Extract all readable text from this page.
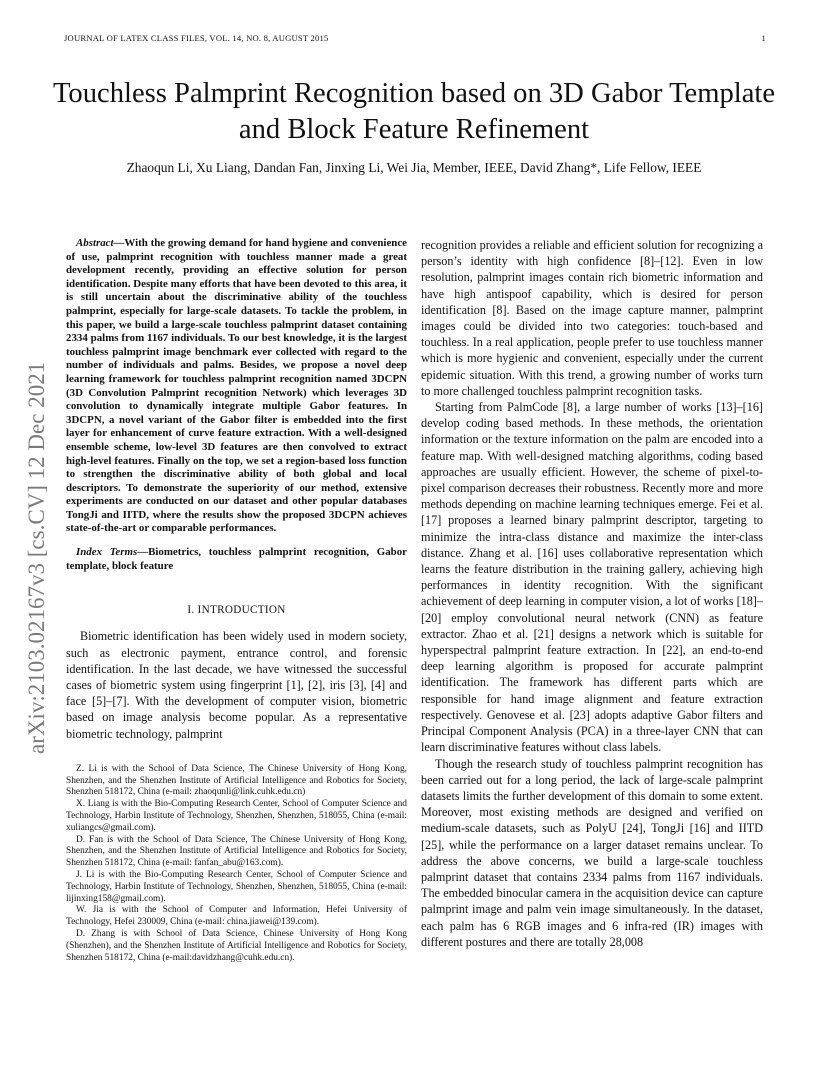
JOURNAL OF LATEX CLASS FILES, VOL. 14, NO. 8, AUGUST 2015	1
Touchless Palmprint Recognition based on 3D Gabor Template and Block Feature Refinement
Zhaoqun Li, Xu Liang, Dandan Fan, Jinxing Li, Wei Jia, Member, IEEE, David Zhang*, Life Fellow, IEEE
arXiv:2103.02167v3 [cs.CV] 12 Dec 2021

Abstract—With the growing demand for hand hygiene and convenience of use, palmprint recognition with touchless manner made a great development recently, providing an effective solution for person identification. Despite many efforts that have been devoted to this area, it is still uncertain about the discriminative ability of the touchless palmprint, especially for large-scale datasets. To tackle the problem, in this paper, we build a large-scale touchless palmprint dataset containing 2334 palms from 1167 individuals. To our best knowledge, it is the largest touchless palmprint image benchmark ever collected with regard to the number of individuals and palms. Besides, we propose a novel deep learning framework for touchless palmprint recognition named 3DCPN (3D Convolution Palmprint recognition Network) which leverages 3D convolution to dynamically integrate multiple Gabor features. In 3DCPN, a novel variant of the Gabor filter is embedded into the first layer for enhancement of curve feature extraction. With a well-designed ensemble scheme, low-level 3D features are then convolved to extract high-level features. Finally on the top, we set a region-based loss function to strengthen the discriminative ability of both global and local descriptors. To demonstrate the superiority of our method, extensive experiments are conducted on our dataset and other popular databases TongJi and IITD, where the results show the proposed 3DCPN achieves state-of-the-art or comparable performances.

Index Terms—Biometrics, touchless palmprint recognition, Gabor template, block feature

I. INTRODUCTION

Biometric identification has been widely used in modern society, such as electronic payment, entrance control, and forensic identification. In the last decade, we have witnessed the successful cases of biometric system using fingerprint [1], [2], iris [3], [4] and face [5]–[7]. With the development of computer vision, biometric based on image analysis become popular. As a representative biometric technology, palmprint

Z. Li is with the School of Data Science, The Chinese University of Hong Kong, Shenzhen, and the Shenzhen Institute of Artificial Intelligence and Robotics for Society, Shenzhen 518172, China (e-mail: zhaoqunli@link.cuhk.edu.cn)

X. Liang is with the Bio-Computing Research Center, School of Computer Science and Technology, Harbin Institute of Technology, Shenzhen, Shenzhen, 518055, China (e-mail: xuliangcs@gmail.com).

D. Fan is with the School of Data Science, The Chinese University of Hong Kong, Shenzhen, and the Shenzhen Institute of Artificial Intelligence and Robotics for Society, Shenzhen 518172, China (e-mail: fanfan_abu@163.com).

J. Li is with the Bio-Computing Research Center, School of Computer Science and Technology, Harbin Institute of Technology, Shenzhen, Shenzhen, 518055, China (e-mail: lijinxing158@gmail.com).

W. Jia is with the School of Computer and Information, Hefei University of Technology, Hefei 230009, China (e-mail: china.jiawei@139.com).

D. Zhang is with School of Data Science, Chinese University of Hong Kong (Shenzhen), and the Shenzhen Institute of Artificial Intelligence and Robotics for Society, Shenzhen 518172, China (e-mail:davidzhang@cuhk.edu.cn).

recognition provides a reliable and efficient solution for recognizing a person’s identity with high confidence [8]–[12]. Even in low resolution, palmprint images contain rich biometric information and have high antispoof capability, which is desired for person identification [8]. Based on the image capture manner, palmprint images could be divided into two categories: touch-based and touchless. In a real application, people prefer to use touchless manner which is more hygienic and convenient, especially under the current epidemic situation. With this trend, a growing number of works turn to more challenged touchless palmprint recognition tasks.

Starting from PalmCode [8], a large number of works [13]–[16] develop coding based methods. In these methods, the orientation information or the texture information on the palm are encoded into a feature map. With well-designed matching algorithms, coding based approaches are usually efficient. However, the scheme of pixel-to-pixel comparison decreases their robustness. Recently more and more methods depending on machine learning techniques emerge. Fei et al. [17] proposes a learned binary palmprint descriptor, targeting to minimize the intra-class distance and maximize the inter-class distance. Zhang et al. [16] uses collaborative representation which learns the feature distribution in the training gallery, achieving high performances in identity recognition. With the significant achievement of deep learning in computer vision, a lot of works [18]–[20] employ convolutional neural network (CNN) as feature extractor. Zhao et al. [21] designs a network which is suitable for hyperspectral palmprint feature extraction. In [22], an end-to-end deep learning algorithm is proposed for accurate palmprint identification. The framework has different parts which are responsible for hand image alignment and feature extraction respectively. Genovese et al. [23] adopts adaptive Gabor filters and Principal Component Analysis (PCA) in a three-layer CNN that can learn discriminative features without class labels.

Though the research study of touchless palmprint recognition has been carried out for a long period, the lack of large-scale palmprint datasets limits the further development of this domain to some extent. Moreover, most existing methods are designed and verified on medium-scale datasets, such as PolyU [24], TongJi [16] and IITD [25], while the performance on a larger dataset remains unclear. To address the above concerns, we build a large-scale touchless palmprint dataset that contains 2334 palms from 1167 individuals. The embedded binocular camera in the acquisition device can capture palmprint image and palm vein image simultaneously. In the dataset, each palm has 6 RGB images and 6 infra-red (IR) images with different postures and there are totally 28,008
